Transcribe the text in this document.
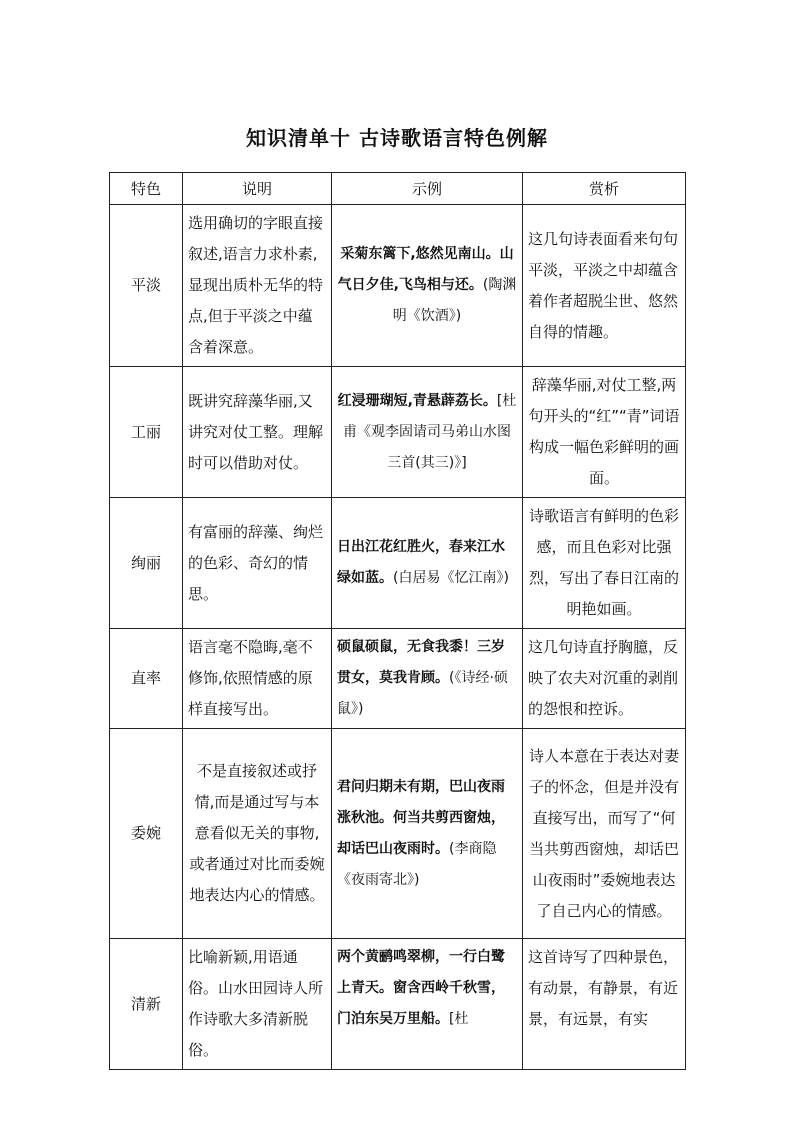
知识清单十 古诗歌语言特色例解
特色	说明	示例	赏析
平淡	选用确切的字眼直接叙述,语言力求朴素,显现出质朴无华的特点,但于平淡之中蕴含着深意。	采菊东篱下,悠然见南山。山气日夕佳,飞鸟相与还。(陶渊明《饮酒》)	这几句诗表面看来句句平淡，平淡之中却蕴含着作者超脱尘世、悠然自得的情趣。
工丽	既讲究辞藻华丽,又讲究对仗工整。理解时可以借助对仗。	红浸珊瑚短,青悬薜荔长。[杜甫《观李固请司马弟山水图三首(其三)》]	辞藻华丽,对仗工整,两句开头的“红”“青”词语构成一幅色彩鲜明的画面。
绚丽	有富丽的辞藻、绚烂的色彩、奇幻的情思。	日出江花红胜火，春来江水绿如蓝。(白居易《忆江南》)	诗歌语言有鲜明的色彩感，而且色彩对比强烈，写出了春日江南的明艳如画。
直率	语言毫不隐晦,毫不修饰,依照情感的原样直接写出。	硕鼠硕鼠，无食我黍！三岁贯女，莫我肯顾。(《诗经·硕鼠》)	这几句诗直抒胸臆，反映了农夫对沉重的剥削的怨恨和控诉。
委婉	不是直接叙述或抒情,而是通过写与本意看似无关的事物,或者通过对比而委婉地表达内心的情感。	君问归期未有期，巴山夜雨涨秋池。何当共剪西窗烛，却话巴山夜雨时。(李商隐《夜雨寄北》)	诗人本意在于表达对妻子的怀念，但是并没有直接写出，而写了“何当共剪西窗烛，却话巴山夜雨时”委婉地表达了自己内心的情感。
清新	比喻新颖,用语通俗。山水田园诗人所作诗歌大多清新脱俗。	两个黄鹂鸣翠柳，一行白鹭上青天。窗含西岭千秋雪，门泊东吴万里船。[杜	这首诗写了四种景色，有动景，有静景，有近景，有远景，有实
